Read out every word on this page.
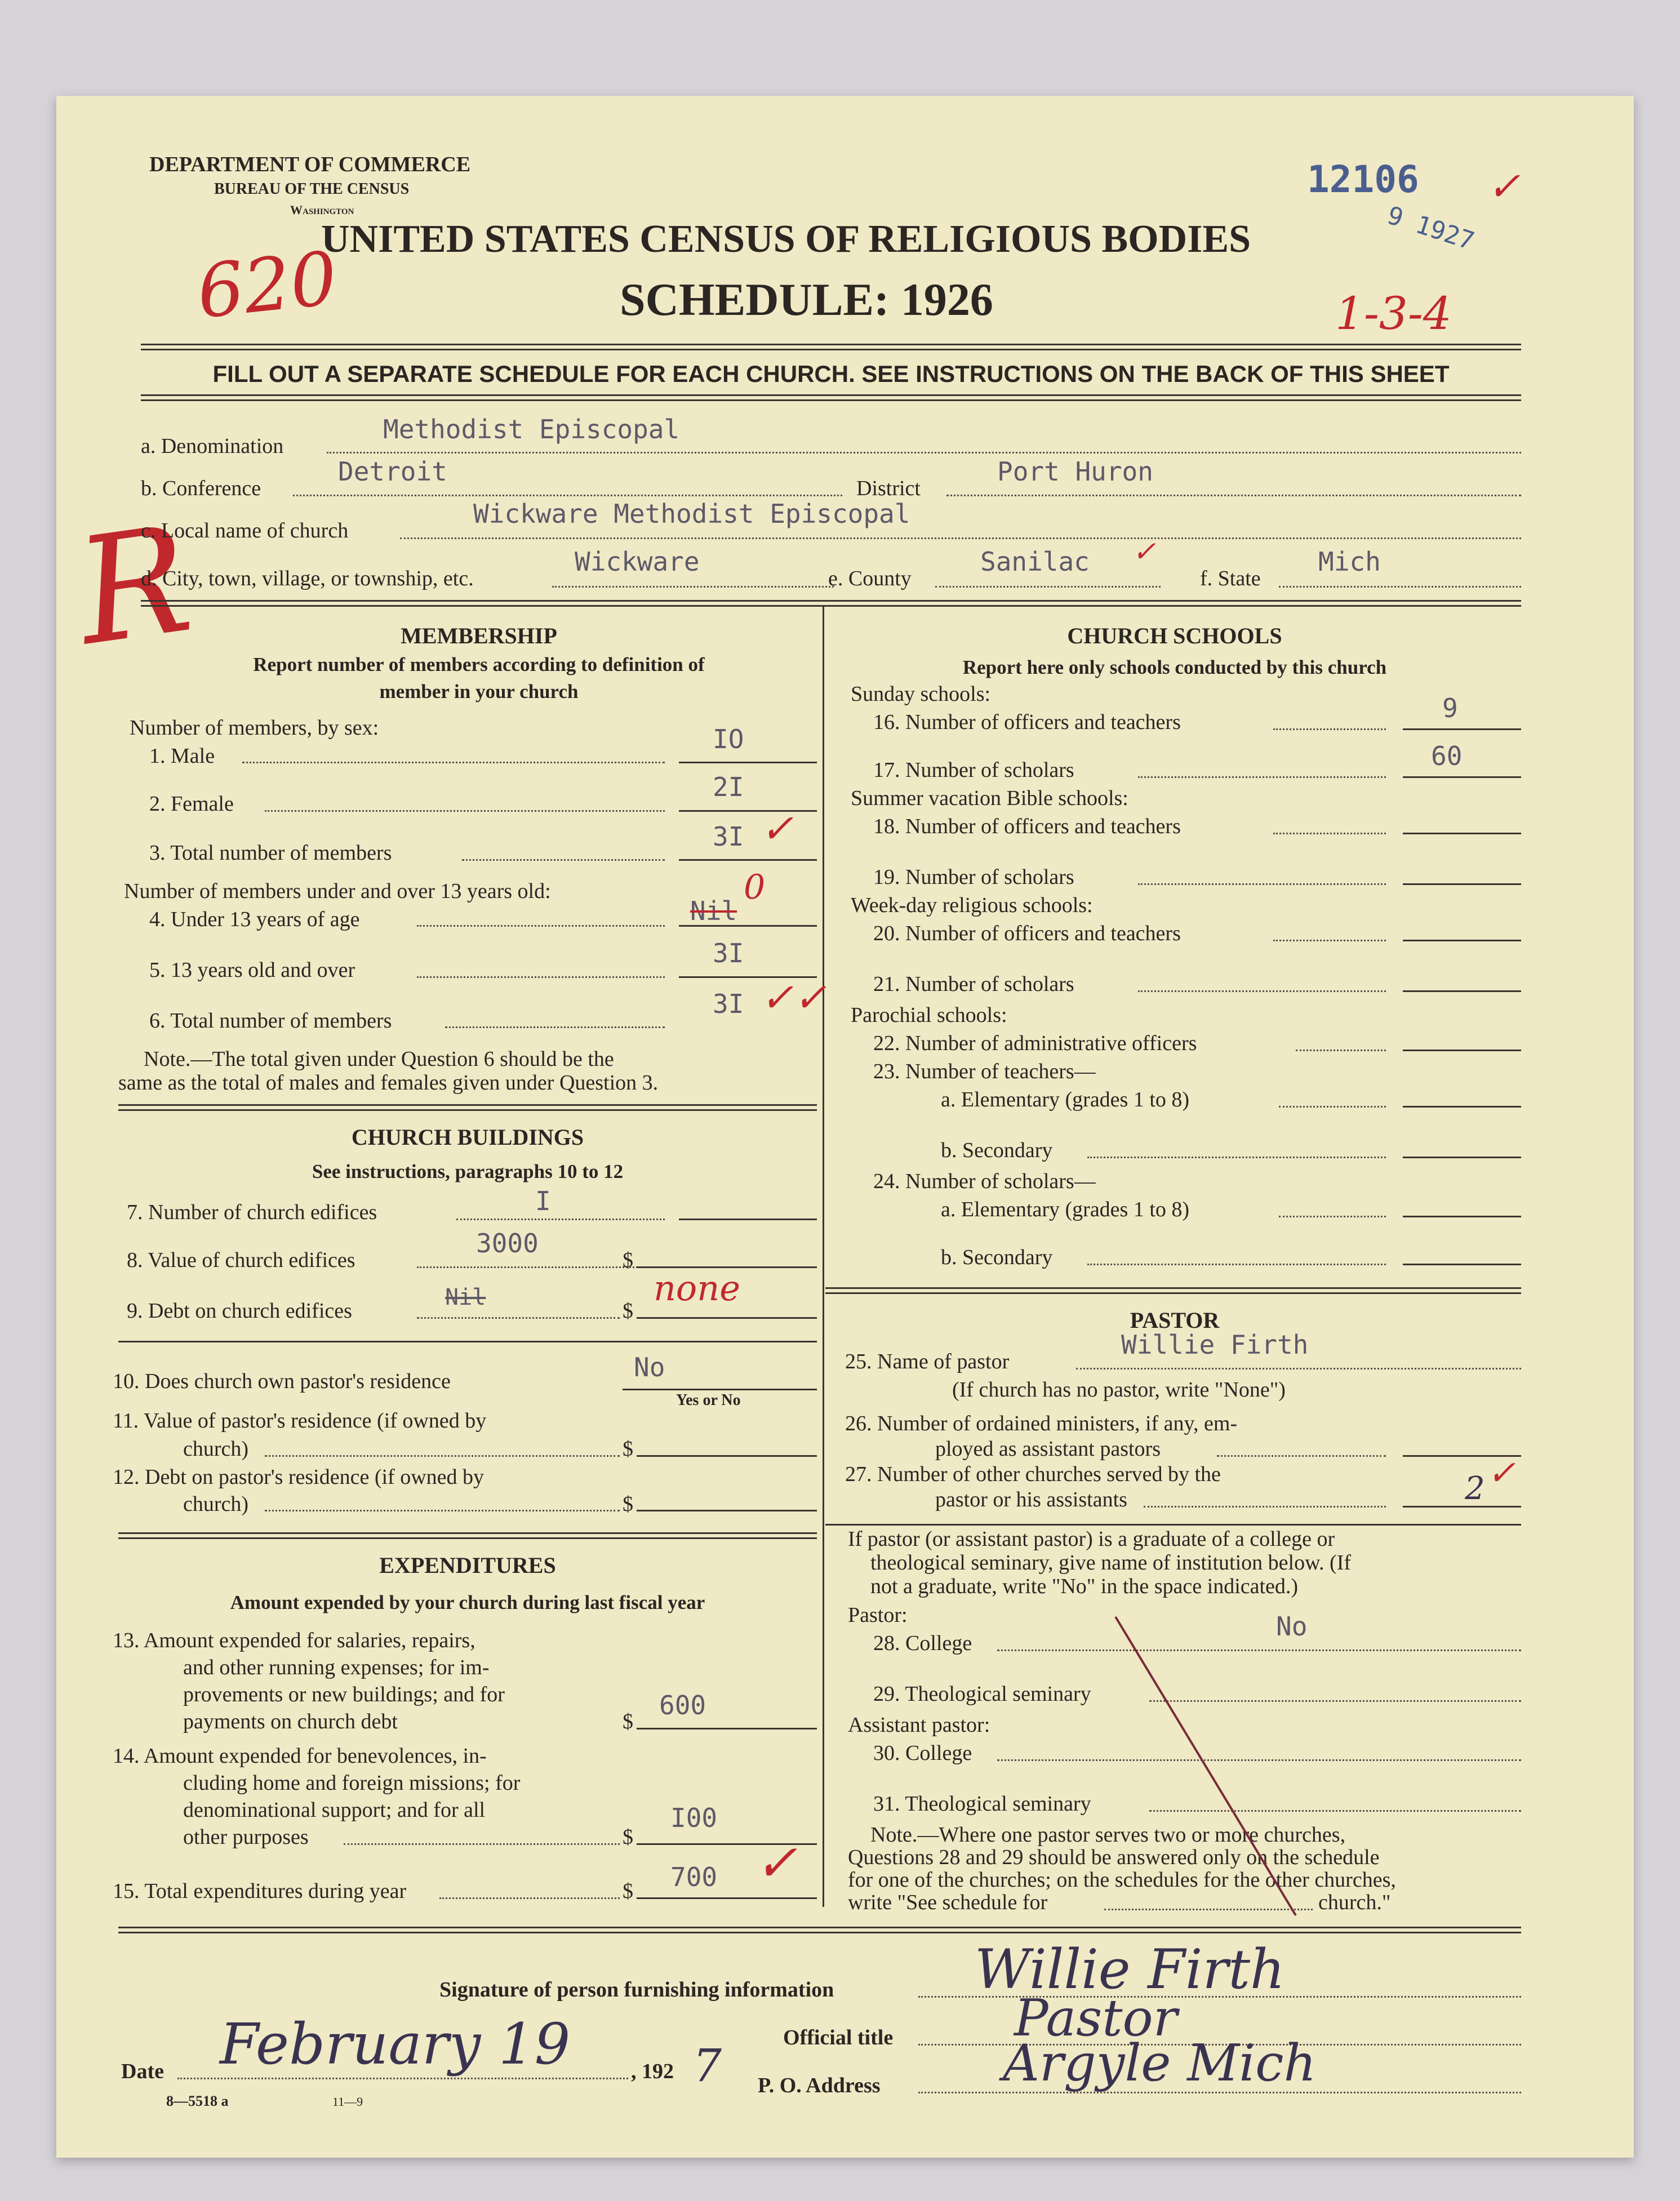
DEPARTMENT OF COMMERCE
BUREAU OF THE CENSUS
Washington
UNITED STATES CENSUS OF RELIGIOUS BODIES
SCHEDULE: 1926
12106
9 1927
✓
620	1-3-4
R
FILL OUT A SEPARATE SCHEDULE FOR EACH CHURCH. SEE INSTRUCTIONS ON THE BACK OF THIS SHEET
a. Denomination
Methodist Episcopal
b. Conference
Detroit
District
Port Huron
c. Local name of church
Wickware Methodist Episcopal
d. City, town, village, or township, etc.
Wickware
e. County
Sanilac ✓
f. State
Mich
MEMBERSHIP
Report number of members according to definition of
member in your church
Number of members, by sex:
1. Male
IO
2. Female
2I
3. Total number of members
3I ✓
Number of members under and over 13 years old:
4. Under 13 years of age	Nil
0
5. 13 years old and over
3I
6. Total number of members
3I ✓✓
Note.—The total given under Question 6 should be the
same as the total of males and females given under Question 3.
CHURCH BUILDINGS
See instructions, paragraphs 10 to 12
7. Number of church edifices	I
8. Value of church edifices
3000
$
9. Debt on church edifices
Nil
$
none
10. Does church own pastor's residence	No
Yes or No
11. Value of pastor's residence (if owned by
church)	$
12. Debt on pastor's residence (if owned by
church)	$
EXPENDITURES
Amount expended by your church during last fiscal year
13. Amount expended for salaries, repairs,
and other running expenses; for im-
provements or new buildings; and for
payments on church debt	$
600
14. Amount expended for benevolences, in-
cluding home and foreign missions; for
denominational support; and for all
other purposes	$
I00
15. Total expenditures during year	$ 700 ✓
CHURCH SCHOOLS
Report here only schools conducted by this church
Sunday schools:
16. Number of officers and teachers	9
17. Number of scholars	60
Summer vacation Bible schools:
18. Number of officers and teachers
19. Number of scholars
Week-day religious schools:
20. Number of officers and teachers
21. Number of scholars
Parochial schools:
22. Number of administrative officers
23. Number of teachers—
a. Elementary (grades 1 to 8)
b. Secondary
24. Number of scholars—
a. Elementary (grades 1 to 8)
b. Secondary
PASTOR
25. Name of pastor
Willie Firth
(If church has no pastor, write "None")
26. Number of ordained ministers, if any, em-
ployed as assistant pastors
27. Number of other churches served by the
pastor or his assistants	2 ✓
If pastor (or assistant pastor) is a graduate of a college or
theological seminary, give name of institution below. (If
not a graduate, write "No" in the space indicated.)
Pastor:
28. College
No
29. Theological seminary
Assistant pastor:
30. College
31. Theological seminary
Note.—Where one pastor serves two or more churches,
Questions 28 and 29 should be answered only on the schedule
for one of the churches; on the schedules for the other churches,
write "See schedule for	church."
Signature of person furnishing information	Willie Firth
Official title Pastor
Date February 19	, 192 7 P. O. Address Argyle Mich
8—5518 a	11—9
